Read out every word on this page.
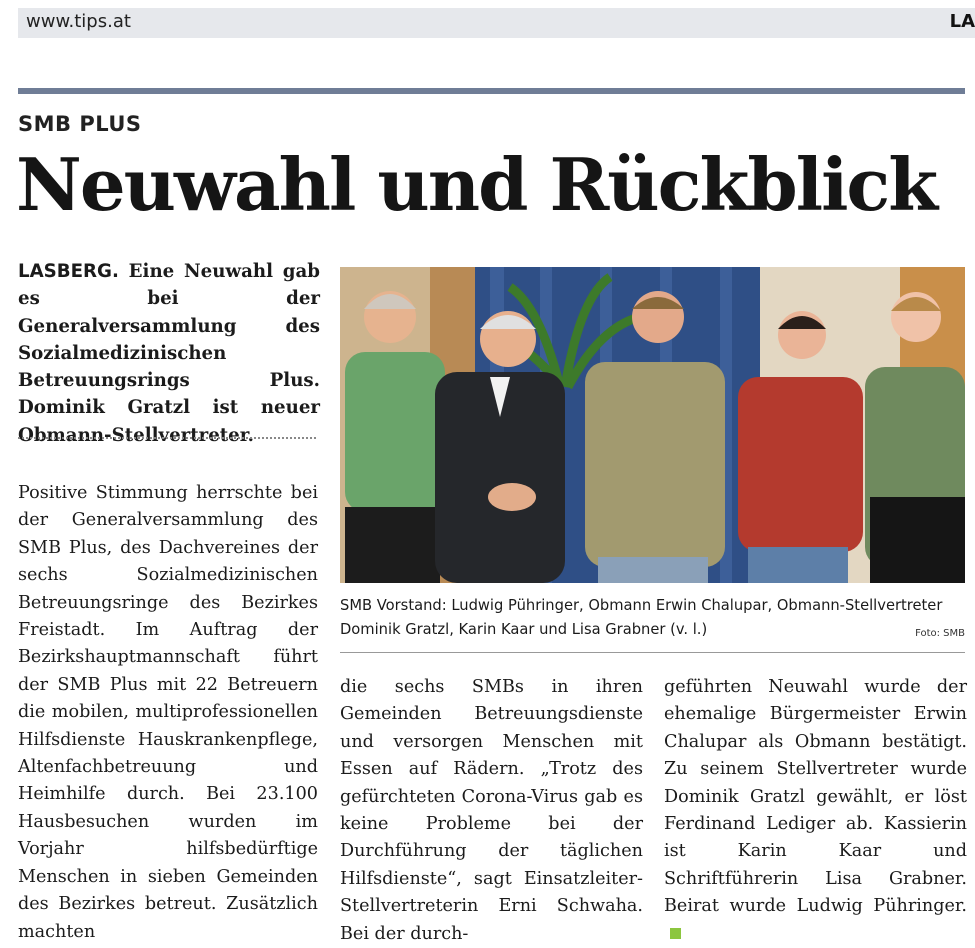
www.tips.at	LA
SMB PLUS
Neuwahl und Rückblick
LASBERG. Eine Neuwahl gab es bei der Generalversammlung des Sozialmedizinischen Betreuungsrings Plus. Dominik Gratzl ist neuer Obmann-Stellvertreter.
Positive Stimmung herrschte bei der Generalversammlung des SMB Plus, des Dachvereines der sechs Sozialmedizinischen Betreuungsringe des Bezirkes Freistadt. Im Auftrag der Bezirkshauptmannschaft führt der SMB Plus mit 22 Betreuern die mobilen, multiprofessionellen Hilfsdienste Hauskrankenpflege, Altenfachbetreuung und Heimhilfe durch. Bei 23.100 Hausbesuchen wurden im Vorjahr hilfsbedürftige Menschen in sieben Gemeinden des Bezirkes betreut. Zusätzlich machten
SMB Vorstand: Ludwig Pühringer, Obmann Erwin Chalupar, Obmann-Stellvertreter Dominik Gratzl, Karin Kaar und Lisa Grabner (v. l.)	Foto: SMB
die sechs SMBs in ihren Gemeinden Betreuungsdienste und versorgen Menschen mit Essen auf Rädern. „Trotz des gefürchteten Corona-Virus gab es keine Probleme bei der Durchführung der täglichen Hilfsdienste“, sagt Einsatzleiter-Stellvertreterin Erni Schwaha. Bei der durch-
geführten Neuwahl wurde der ehemalige Bürgermeister Erwin Chalupar als Obmann bestätigt. Zu seinem Stellvertreter wurde Dominik Gratzl gewählt, er löst Ferdinand Lediger ab. Kassierin ist Karin Kaar und Schriftführerin Lisa Grabner. Beirat wurde Ludwig Pühringer.
